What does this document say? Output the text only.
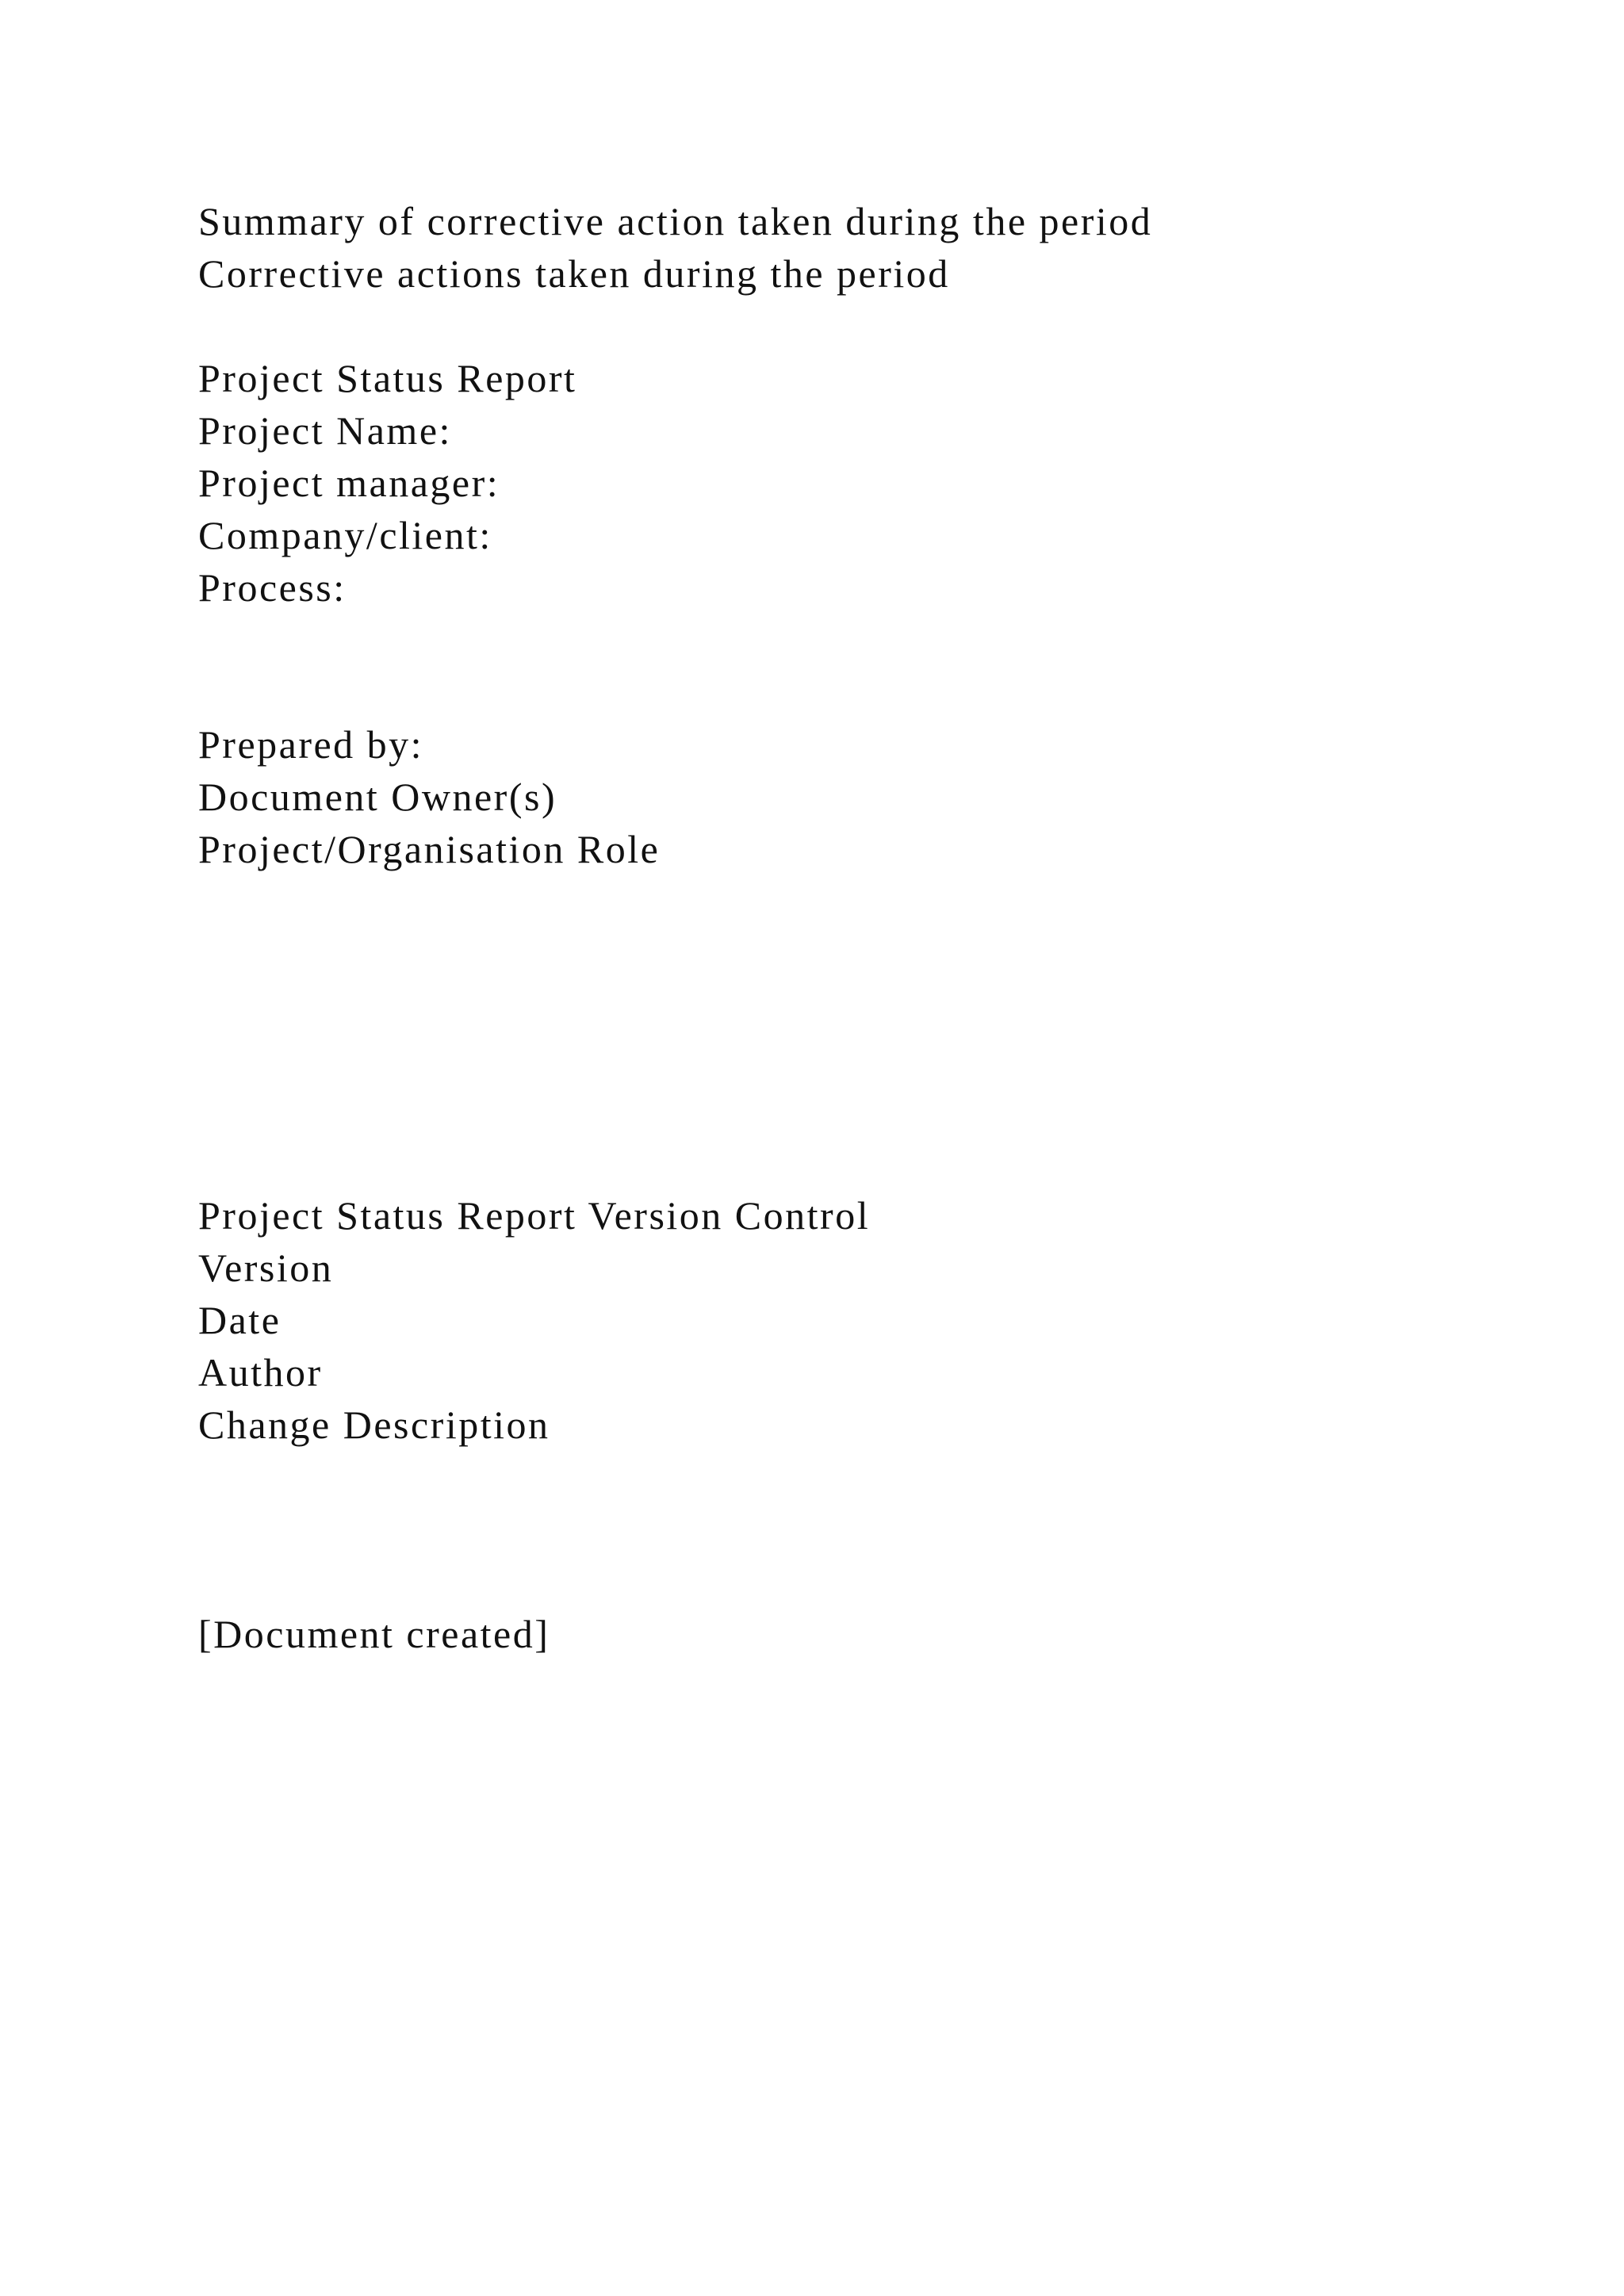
Summary of corrective action taken during the period

Corrective actions taken during the period

Project Status Report

Project Name:

Project manager:

Company/client:

Process:

Prepared by:

Document Owner(s)

Project/Organisation Role

Project Status Report Version Control

Version

Date

Author

Change Description

[Document created]
